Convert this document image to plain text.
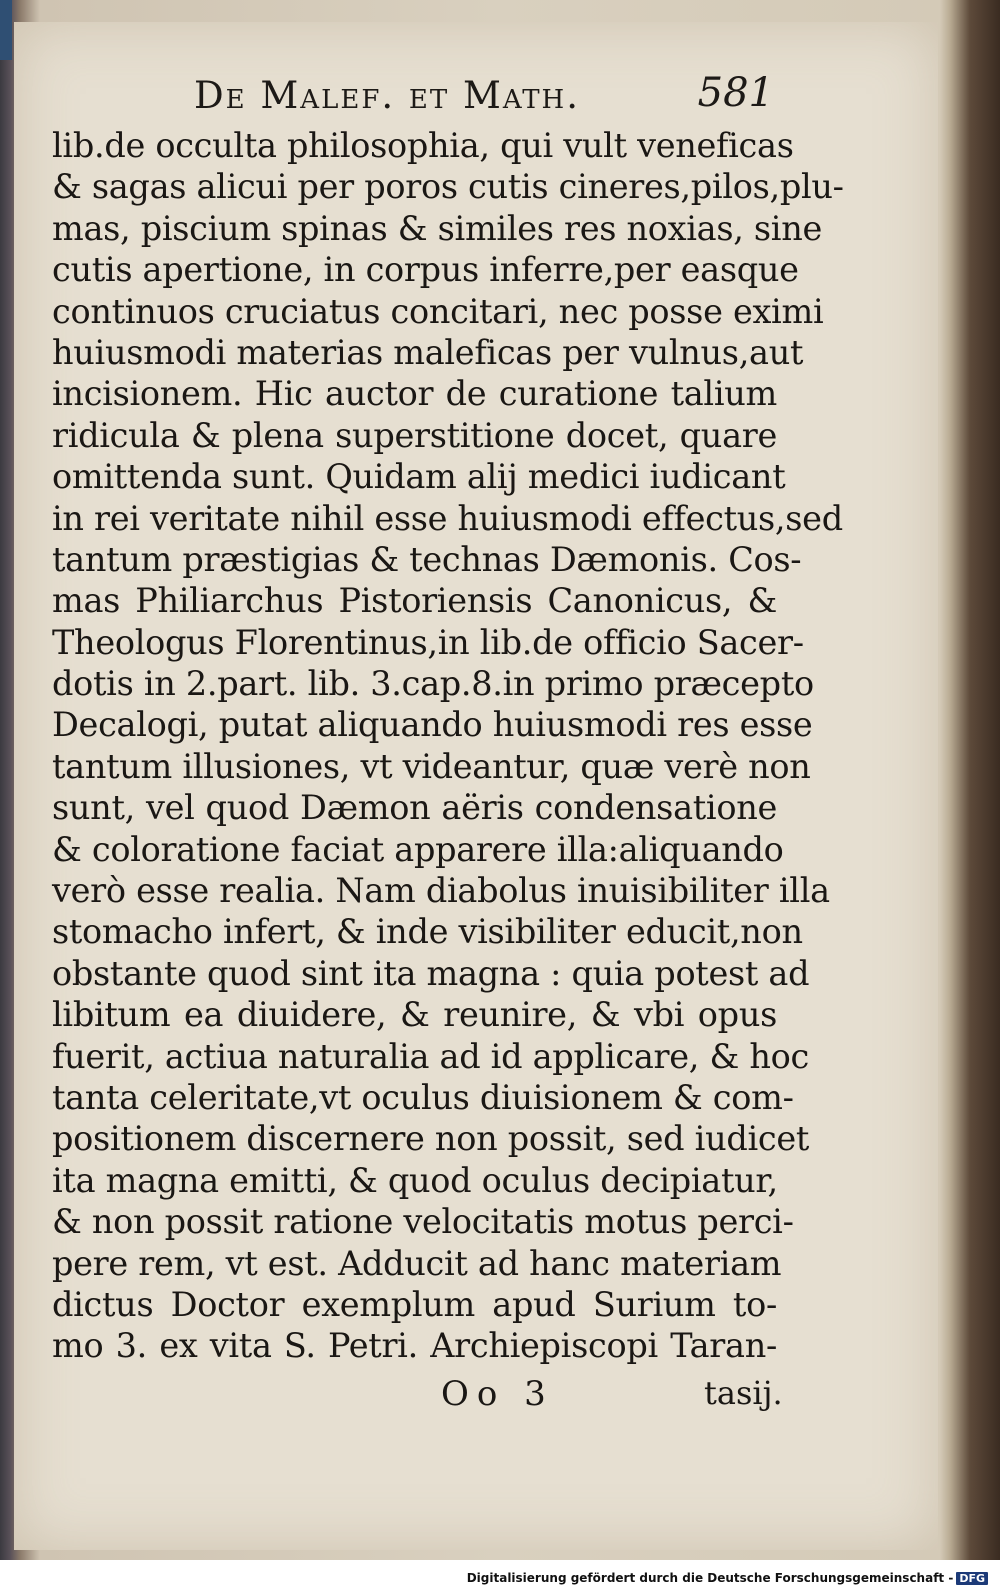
De Malef. et Math.	581
lib.de occulta philosophia, qui vult veneficas
& sagas alicui per poros cutis cineres,pilos,plu-
mas, piscium spinas & similes res noxias, sine
cutis apertione, in corpus inferre,per easque
continuos cruciatus concitari, nec posse eximi
huiusmodi materias maleficas per vulnus,aut
incisionem. Hic auctor de curatione talium
ridicula & plena superstitione docet, quare
omittenda sunt. Quidam alij medici iudicant
in rei veritate nihil esse huiusmodi effectus,sed
tantum præstigias & technas Dæmonis. Cos-
mas Philiarchus Pistoriensis Canonicus, &
Theologus Florentinus,in lib.de officio Sacer-
dotis in 2.part. lib. 3.cap.8.in primo præcepto
Decalogi, putat aliquando huiusmodi res esse
tantum illusiones, vt videantur, quæ verè non
sunt, vel quod Dæmon aëris condensatione
& coloratione faciat apparere illa:aliquando
verò esse realia. Nam diabolus inuisibiliter illa
stomacho infert, & inde visibiliter educit,non
obstante quod sint ita magna : quia potest ad
libitum ea diuidere, & reunire, & vbi opus
fuerit, actiua naturalia ad id applicare, & hoc
tanta celeritate,vt oculus diuisionem & com-
positionem discernere non possit, sed iudicet
ita magna emitti, & quod oculus decipiatur,
& non possit ratione velocitatis motus perci-
pere rem, vt est. Adducit ad hanc materiam
dictus Doctor exemplum apud Surium to-
mo 3. ex vita S. Petri. Archiepiscopi Taran-
Oo 3	tasij.
Digitalisierung gefördert durch die Deutsche Forschungsgemeinschaft - DFG
